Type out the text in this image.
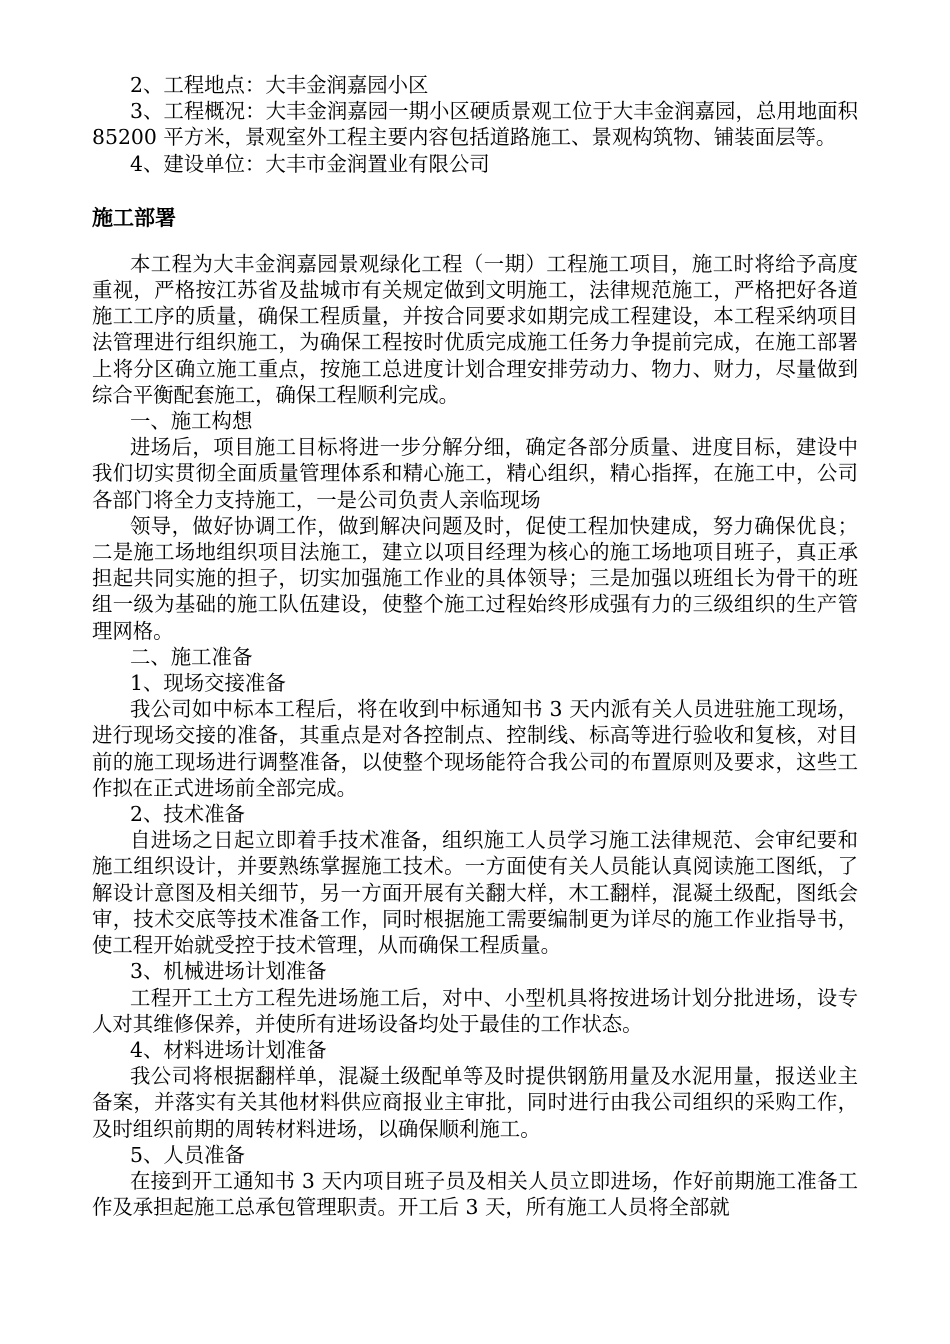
2、工程地点：大丰金润嘉园小区

3、工程概况：大丰金润嘉园一期小区硬质景观工位于大丰金润嘉园，总用地面积 85200 平方米，景观室外工程主要内容包括道路施工、景观构筑物、铺装面层等。

4、建设单位：大丰市金润置业有限公司

施工部署

本工程为大丰金润嘉园景观绿化工程（一期）工程施工项目，施工时将给予高度重视，严格按江苏省及盐城市有关规定做到文明施工，法律规范施工，严格把好各道施工工序的质量，确保工程质量，并按合同要求如期完成工程建设，本工程采纳项目法管理进行组织施工，为确保工程按时优质完成施工任务力争提前完成，在施工部署上将分区确立施工重点，按施工总进度计划合理安排劳动力、物力、财力，尽量做到综合平衡配套施工，确保工程顺利完成。

一、施工构想

进场后，项目施工目标将进一步分解分细，确定各部分质量、进度目标，建设中我们切实贯彻全面质量管理体系和精心施工，精心组织，精心指挥，在施工中，公司各部门将全力支持施工，一是公司负责人亲临现场

领导，做好协调工作，做到解决问题及时，促使工程加快建成，努力确保优良；二是施工场地组织项目法施工，建立以项目经理为核心的施工场地项目班子，真正承担起共同实施的担子，切实加强施工作业的具体领导；三是加强以班组长为骨干的班组一级为基础的施工队伍建设，使整个施工过程始终形成强有力的三级组织的生产管理网格。

二、施工准备

1、现场交接准备

我公司如中标本工程后，将在收到中标通知书 3 天内派有关人员进驻施工现场，进行现场交接的准备，其重点是对各控制点、控制线、标高等进行验收和复核，对目前的施工现场进行调整准备，以使整个现场能符合我公司的布置原则及要求，这些工作拟在正式进场前全部完成。

2、技术准备

自进场之日起立即着手技术准备，组织施工人员学习施工法律规范、会审纪要和施工组织设计，并要熟练掌握施工技术。一方面使有关人员能认真阅读施工图纸，了解设计意图及相关细节，另一方面开展有关翻大样，木工翻样，混凝土级配，图纸会审，技术交底等技术准备工作，同时根据施工需要编制更为详尽的施工作业指导书，使工程开始就受控于技术管理，从而确保工程质量。

3、机械进场计划准备

工程开工土方工程先进场施工后，对中、小型机具将按进场计划分批进场，设专人对其维修保养，并使所有进场设备均处于最佳的工作状态。

4、材料进场计划准备

我公司将根据翻样单，混凝土级配单等及时提供钢筋用量及水泥用量，报送业主备案，并落实有关其他材料供应商报业主审批，同时进行由我公司组织的采购工作，及时组织前期的周转材料进场，以确保顺利施工。

5、人员准备

在接到开工通知书 3 天内项目班子员及相关人员立即进场，作好前期施工准备工作及承担起施工总承包管理职责。开工后 3 天，所有施工人员将全部就
